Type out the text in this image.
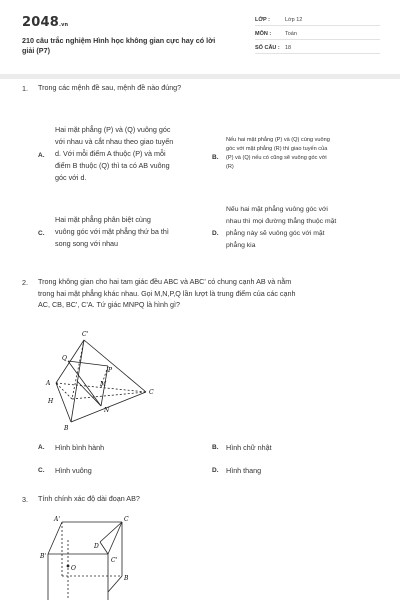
2048.vn
210 câu trắc nghiệm Hình học không gian cực hay có lời giải (P7)
LỚP :	Lớp 12
MÔN :	Toán
SỐ CÂU : 18
1. Trong các mệnh đề sau, mệnh đề nào đúng?
A.
Hai mặt phẳng (P) và (Q) vuông góc
với nhau và cắt nhau theo giao tuyến
d. Với mỗi điểm A thuộc (P) và mỗi
điểm B thuộc (Q) thì ta có AB vuông
góc với d.
B.
Nếu hai mặt phẳng (P) và (Q) cùng vuông
góc với mặt phẳng (R) thì giao tuyến của
(P) và (Q) nếu có cũng sẽ vuông góc với
(R)
C.
Hai mặt phẳng phân biệt cùng
vuông góc với mặt phẳng thứ ba thì
song song với nhau
D.
Nếu hai mặt phẳng vuông góc với
nhau thì mọi đường thẳng thuộc mặt
phẳng này sẽ vuông góc với mặt
phẳng kia
2. Trong không gian cho hai tam giác đều ABC và ABC' có chung cạnh AB và nằm
trong hai mặt phẳng khác nhau. Gọi M,N,P,Q lần lượt là trung điểm của các cạnh
AC, CB, BC', C'A. Tứ giác MNPQ là hình gì?
C'
Q
A	M
C
N
H
P
B
A. Hình bình hành	B. Hình chữ nhật
C. Hình vuông	D. Hình thang
3. Tính chính xác độ dài đoạn AB?
A'	C
D
B'
C'
O
B
